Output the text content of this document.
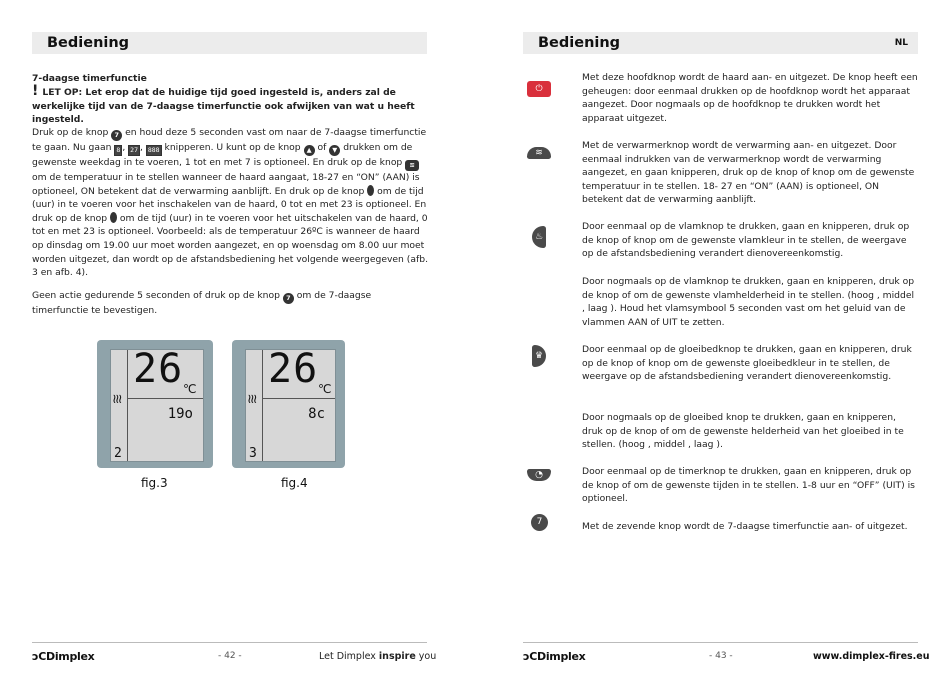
Bediening
7-daagse timerfunctie
! LET OP: Let erop dat de huidige tijd goed ingesteld is, anders zal de werkelijke tijd van de 7-daagse timerfunctie ook afwijken van wat u heeft ingesteld.
Druk op de knop 7 en houd deze 5 seconden vast om naar de 7-daagse timerfunctie te gaan. Nu gaan 8 , 27 , 888 knipperen. U kunt op de knop ▲ of ▼ drukken om de gewenste weekdag in te voeren, 1 tot en met 7 is optioneel. En druk op de knop ≋ om de temperatuur in te stellen wanneer de haard aangaat, 18-27 en “ON” (AAN) is optioneel, ON betekent dat de verwarming aanblijft. En druk op de knop om de tijd (uur) in te voeren voor het inschakelen van de haard, 0 tot en met 23 is optioneel. En druk op de knop om de tijd (uur) in te voeren voor het uitschakelen van de haard, 0 tot en met 23 is optioneel. Voorbeeld: als de temperatuur 26ºC is wanneer de haard op dinsdag om 19.00 uur moet worden aangezet, en op woensdag om 8.00 uur moet worden uitgezet, dan wordt op de afstandsbediening het volgende weergegeven (afb. 3 en afb. 4).
Geen actie gedurende 5 seconden of druk op de knop 7 om de 7-daagse timerfunctie te bevestigen.
26 ℃
≀≀≀
19o
2
fig.3
26 ℃
≀≀≀
8c
3
fig.4
ᴐCDimplex	- 42 -	Let Dimplex inspire you
Bediening	NL
⏻
Met deze hoofdknop wordt de haard aan- en uitgezet. De knop heeft een geheugen: door eenmaal drukken op de hoofdknop wordt het apparaat aangezet. Door nogmaals op de hoofdknop te drukken wordt het apparaat uitgezet.
≋
Met de verwarmerknop wordt de verwarming aan- en uitgezet. Door eenmaal indrukken van de verwarmerknop wordt de verwarming aangezet, en gaan knipperen, druk op de knop of knop om de gewenste temperatuur in te stellen. 18- 27 en “ON” (AAN) is optioneel, ON betekent dat de verwarming aanblijft.
♨
Door eenmaal op de vlamknop te drukken, gaan en knipperen, druk op de knop of knop om de gewenste vlamkleur in te stellen, de weergave op de afstandsbediening verandert dienovereenkomstig.
Door nogmaals op de vlamknop te drukken, gaan en knipperen, druk op de knop of om de gewenste vlamhelderheid in te stellen. (hoog , middel , laag ). Houd het vlamsymbool 5 seconden vast om het geluid van de vlammen AAN of UIT te zetten.
♛
Door eenmaal op de gloeibedknop te drukken, gaan en knipperen, druk op de knop of knop om de gewenste gloeibedkleur in te stellen, de weergave op de afstandsbediening verandert dienovereenkomstig.
Door nogmaals op de gloeibed knop te drukken, gaan en knipperen, druk op de knop of om de gewenste helderheid van het gloeibed in te stellen. (hoog , middel , laag ).
◔	Door eenmaal op de timerknop te drukken, gaan en knipperen, druk op de knop of om de gewenste tijden in te stellen. 1-8 uur en “OFF” (UIT) is optioneel.
7	Met de zevende knop wordt de 7-daagse timerfunctie aan- of uitgezet.
ᴐCDimplex	- 43 -	www.dimplex-fires.eu
